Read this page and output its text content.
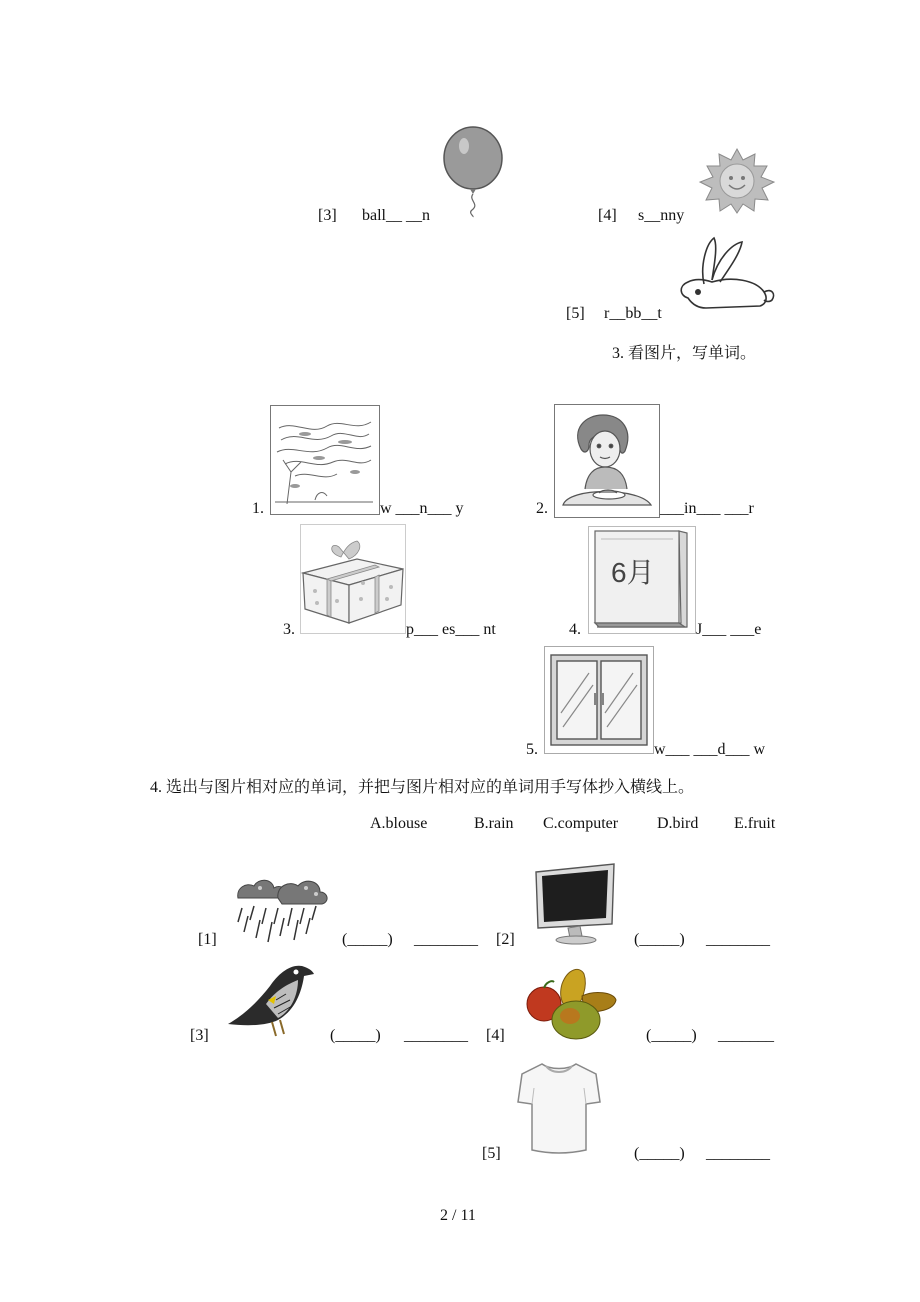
[3] ball__ __n	[4] s__nny
[5] r__bb__t
3. 看图片，写单词。
1.	w ___n___ y	2.	___in___ ___r
3.	p___ es___ nt
6月
4.	J___ ___e
5.	w___ ___d___ w
4. 选出与图片相对应的单词，并把与图片相对应的单词用手写体抄入横线上。
A.blouse	B.rain C.computer D.bird E.fruit
[1]	(_____) ________ [2]	(_____) ________
[3]	(_____) ________ [4]	(_____) _______
[5]	(_____) ________
2 / 11
